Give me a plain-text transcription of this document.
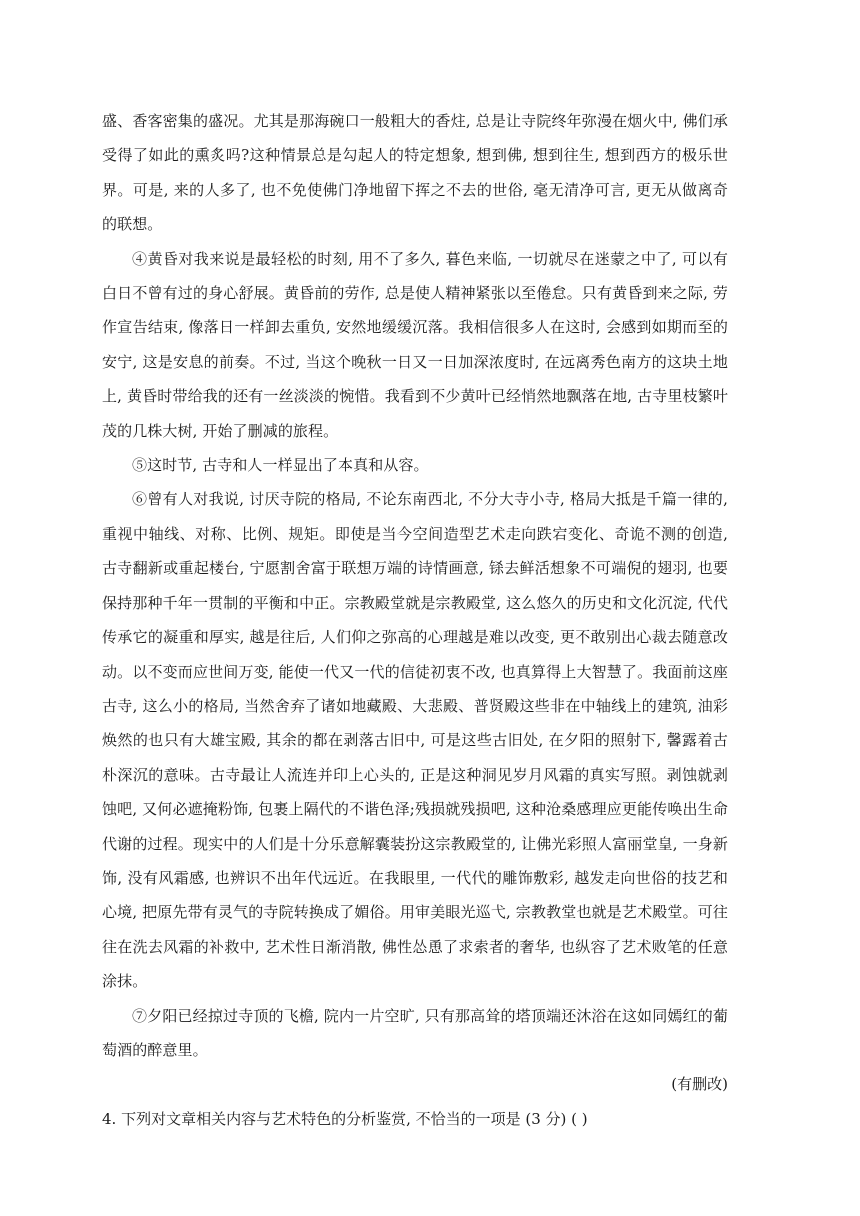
盛、香客密集的盛况。尤其是那海碗口一般粗大的香炷, 总是让寺院终年弥漫在烟火中, 佛们承受得了如此的熏炙吗?这种情景总是勾起人的特定想象, 想到佛, 想到往生, 想到西方的极乐世界。可是, 来的人多了, 也不免使佛门净地留下挥之不去的世俗, 毫无清净可言, 更无从做离奇的联想。

④黄昏对我来说是最轻松的时刻, 用不了多久, 暮色来临, 一切就尽在迷蒙之中了, 可以有白日不曾有过的身心舒展。黄昏前的劳作, 总是使人精神紧张以至倦怠。只有黄昏到来之际, 劳作宣告结束, 像落日一样卸去重负, 安然地缓缓沉落。我相信很多人在这时, 会感到如期而至的安宁, 这是安息的前奏。不过, 当这个晚秋一日又一日加深浓度时, 在远离秀色南方的这块土地上, 黄昏时带给我的还有一丝淡淡的惋惜。我看到不少黄叶已经悄然地飘落在地, 古寺里枝繁叶茂的几株大树, 开始了删减的旅程。

⑤这时节, 古寺和人一样显出了本真和从容。

⑥曾有人对我说, 讨厌寺院的格局, 不论东南西北, 不分大寺小寺, 格局大抵是千篇一律的, 重视中轴线、对称、比例、规矩。即使是当今空间造型艺术走向跌宕变化、奇诡不测的创造, 古寺翻新或重起楼台, 宁愿割舍富于联想万端的诗情画意, 铩去鲜活想象不可端倪的翅羽, 也要保持那种千年一贯制的平衡和中正。宗教殿堂就是宗教殿堂, 这么悠久的历史和文化沉淀, 代代传承它的凝重和厚实, 越是往后, 人们仰之弥高的心理越是难以改变, 更不敢别出心裁去随意改动。以不变而应世间万变, 能使一代又一代的信徒初衷不改, 也真算得上大智慧了。我面前这座古寺, 这么小的格局, 当然舍弃了诸如地藏殿、大悲殿、普贤殿这些非在中轴线上的建筑, 油彩焕然的也只有大雄宝殿, 其余的都在剥落古旧中, 可是这些古旧处, 在夕阳的照射下, 馨露着古朴深沉的意味。古寺最让人流连并印上心头的, 正是这种洞见岁月风霜的真实写照。剥蚀就剥蚀吧, 又何必遮掩粉饰, 包裹上隔代的不谐色泽;残损就残损吧, 这种沧桑感理应更能传唤出生命代谢的过程。现实中的人们是十分乐意解囊装扮这宗教殿堂的, 让佛光彩照人富丽堂皇, 一身新饰, 没有风霜感, 也辨识不出年代远近。在我眼里, 一代代的雕饰敷彩, 越发走向世俗的技艺和心境, 把原先带有灵气的寺院转换成了媚俗。用审美眼光巡弋, 宗教教堂也就是艺术殿堂。可往往在洗去风霜的补救中, 艺术性日渐消散, 佛性怂恿了求索者的奢华, 也纵容了艺术败笔的任意涂抹。

⑦夕阳已经掠过寺顶的飞檐, 院内一片空旷, 只有那高耸的塔顶端还沐浴在这如同嫣红的葡萄酒的醉意里。

(有删改)

4. 下列对文章相关内容与艺术特色的分析鉴赏, 不恰当的一项是 (3 分) ( )
